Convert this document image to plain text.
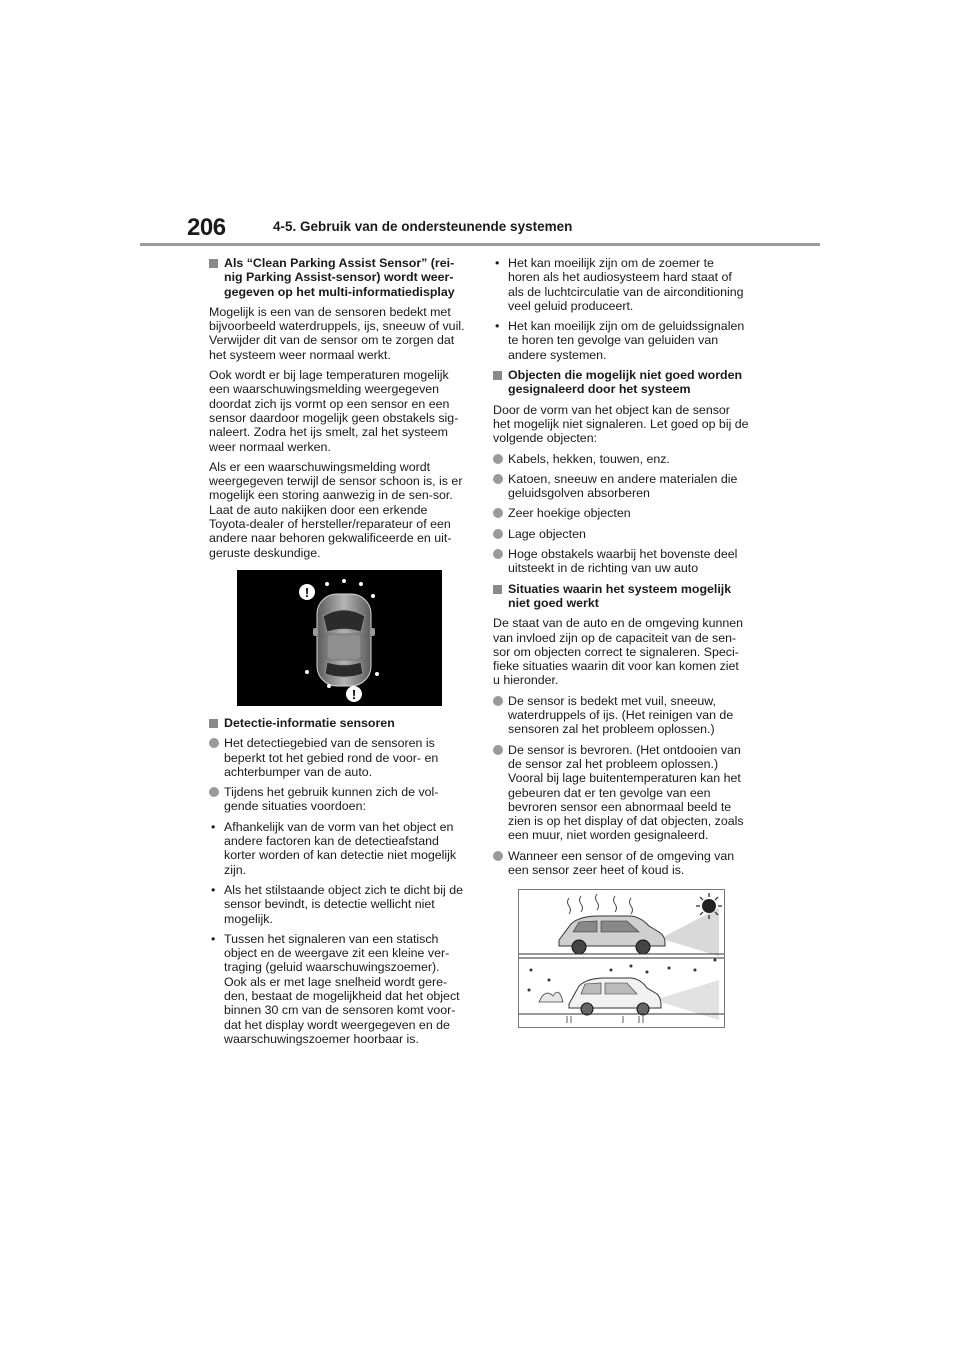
206	4-5. Gebruik van de ondersteunende systemen
Als “Clean Parking Assist Sensor” (rei-nig Parking Assist-sensor) wordt weer-gegeven op het multi-informatiedisplay

Mogelijk is een van de sensoren bedekt met bijvoorbeeld waterdruppels, ijs, sneeuw of vuil. Verwijder dit van de sensor om te zorgen dat het systeem weer normaal werkt.

Ook wordt er bij lage temperaturen mogelijk een waarschuwingsmelding weergegeven doordat zich ijs vormt op een sensor en een sensor daardoor mogelijk geen obstakels sig-naleert. Zodra het ijs smelt, zal het systeem weer normaal werken.

Als er een waarschuwingsmelding wordt weergegeven terwijl de sensor schoon is, is er mogelijk een storing aanwezig in de sen-sor. Laat de auto nakijken door een erkende Toyota-dealer of hersteller/reparateur of een andere naar behoren gekwalificeerde en uit-geruste deskundige.

!
!
Detectie-informatie sensoren
Het detectiegebied van de sensoren is beperkt tot het gebied rond de voor- en achterbumper van de auto.
Tijdens het gebruik kunnen zich de vol-gende situaties voordoen:
• Afhankelijk van de vorm van het object en andere factoren kan de detectieafstand korter worden of kan detectie niet mogelijk zijn.
• Als het stilstaande object zich te dicht bij de sensor bevindt, is detectie wellicht niet mogelijk.
• Tussen het signaleren van een statisch object en de weergave zit een kleine ver-traging (geluid waarschuwingszoemer). Ook als er met lage snelheid wordt gere-den, bestaat de mogelijkheid dat het object binnen 30 cm van de sensoren komt voor-dat het display wordt weergegeven en de waarschuwingszoemer hoorbaar is.
• Het kan moeilijk zijn om de zoemer te horen als het audiosysteem hard staat of als de luchtcirculatie van de airconditioning veel geluid produceert.
• Het kan moeilijk zijn om de geluidssignalen te horen ten gevolge van geluiden van andere systemen.
Objecten die mogelijk niet goed worden gesignaleerd door het systeem

Door de vorm van het object kan de sensor het mogelijk niet signaleren. Let goed op bij de volgende objecten:

Kabels, hekken, touwen, enz.
Katoen, sneeuw en andere materialen die geluidsgolven absorberen
Zeer hoekige objecten
Lage objecten
Hoge obstakels waarbij het bovenste deel uitsteekt in de richting van uw auto
Situaties waarin het systeem mogelijk niet goed werkt

De staat van de auto en de omgeving kunnen van invloed zijn op de capaciteit van de sen-sor om objecten correct te signaleren. Speci-fieke situaties waarin dit voor kan komen ziet u hieronder.

De sensor is bedekt met vuil, sneeuw, waterdruppels of ijs. (Het reinigen van de sensoren zal het probleem oplossen.)
De sensor is bevroren. (Het ontdooien van de sensor zal het probleem oplossen.) Vooral bij lage buitentemperaturen kan het gebeuren dat er ten gevolge van een bevroren sensor een abnormaal beeld te zien is op het display of dat objecten, zoals een muur, niet worden gesignaleerd.
Wanneer een sensor of de omgeving van een sensor zeer heet of koud is.
